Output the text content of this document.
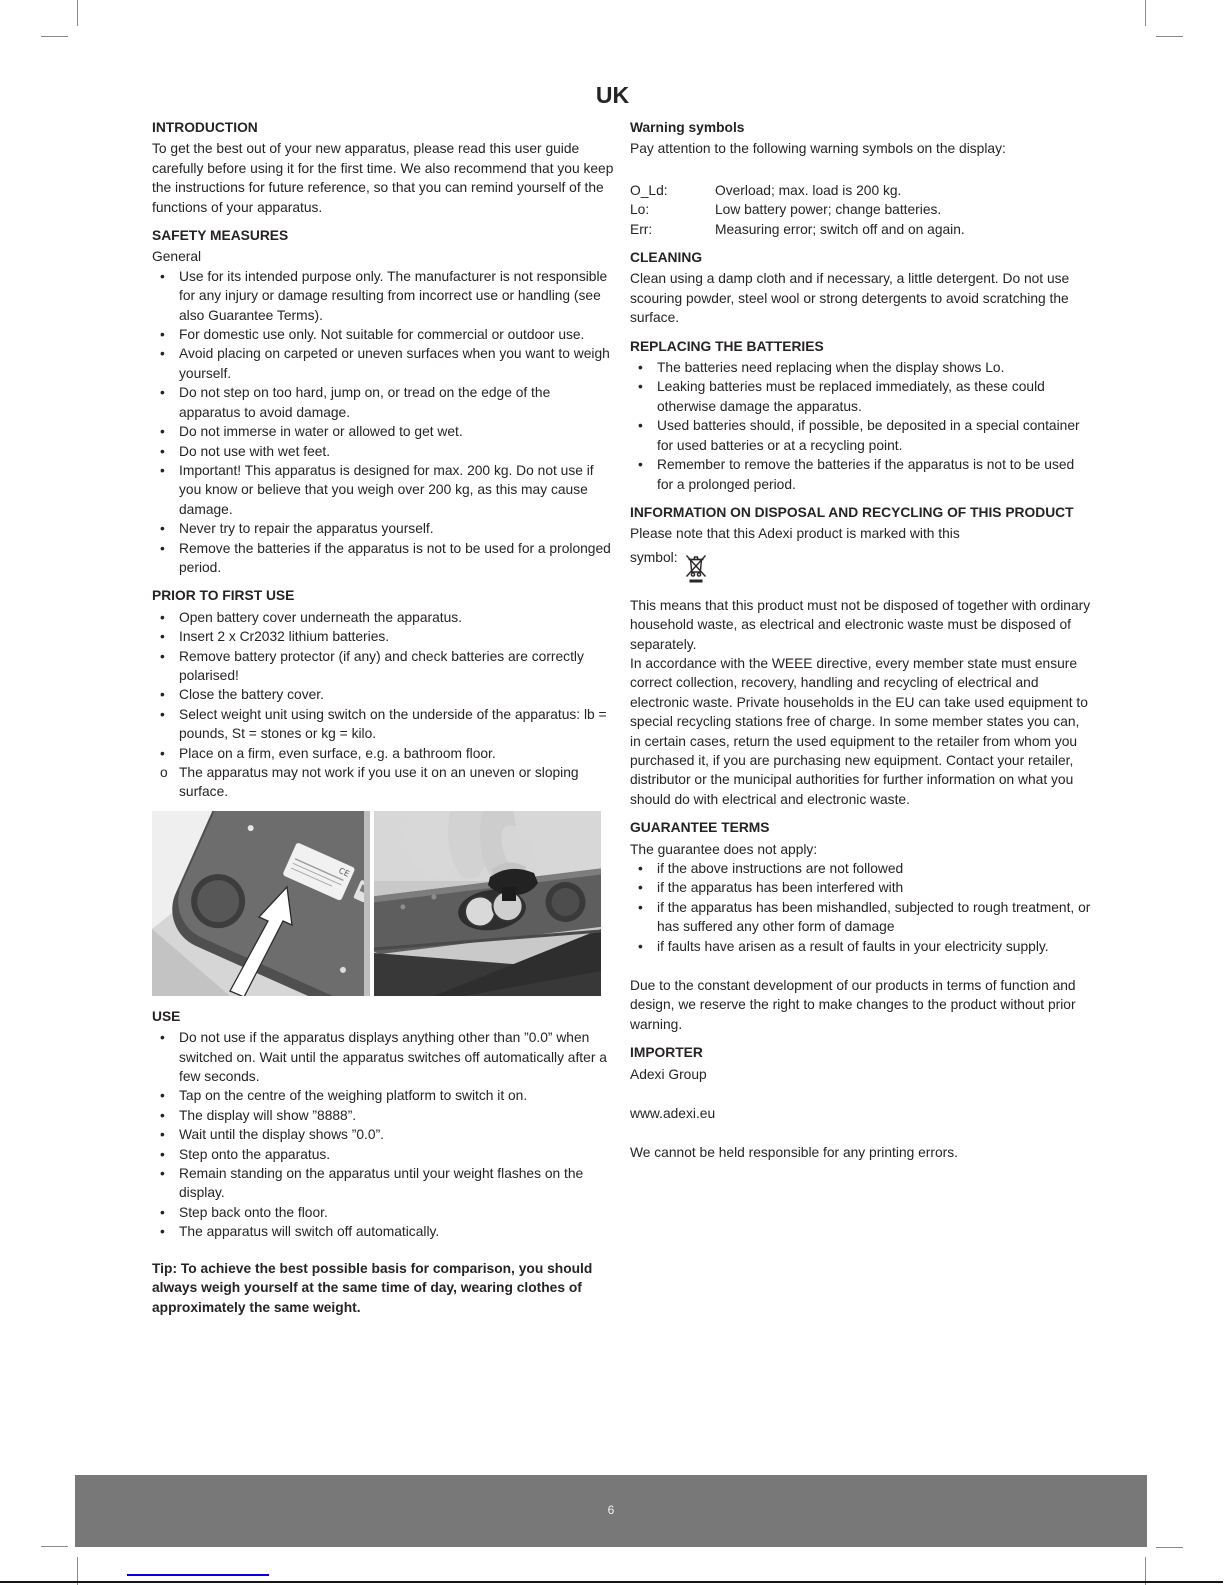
UK
INTRODUCTION

To get the best out of your new apparatus, please read this user guide carefully before using it for the first time. We also recommend that you keep the instructions for future reference, so that you can remind yourself of the functions of your apparatus.

SAFETY MEASURES

General

• Use for its intended purpose only. The manufacturer is not responsible for any injury or damage resulting from incorrect use or handling (see also Guarantee Terms).
• For domestic use only. Not suitable for commercial or outdoor use.
• Avoid placing on carpeted or uneven surfaces when you want to weigh yourself.
• Do not step on too hard, jump on, or tread on the edge of the apparatus to avoid damage.
• Do not immerse in water or allowed to get wet.
• Do not use with wet feet.
• Important! This apparatus is designed for max. 200 kg. Do not use if you know or believe that you weigh over 200 kg, as this may cause damage.
• Never try to repair the apparatus yourself.
• Remove the batteries if the apparatus is not to be used for a prolonged period.
PRIOR TO FIRST USE
• Open battery cover underneath the apparatus.
• Insert 2 x Cr2032 lithium batteries.
• Remove battery protector (if any) and check batteries are correctly polarised!
• Close the battery cover.
• Select weight unit using switch on the underside of the apparatus: lb = pounds, St = stones or kg = kilo.
• Place on a firm, even surface, e.g. a bathroom floor.
o The apparatus may not work if you use it on an uneven or sloping surface.
CE
USE
• Do not use if the apparatus displays anything other than ”0.0” when switched on. Wait until the apparatus switches off automatically after a few seconds.
• Tap on the centre of the weighing platform to switch it on.
• The display will show ”8888”.
• Wait until the display shows ”0.0”.
• Step onto the apparatus.
• Remain standing on the apparatus until your weight flashes on the display.
• Step back onto the floor.
• The apparatus will switch off automatically.

Tip: To achieve the best possible basis for comparison, you should always weigh yourself at the same time of day, wearing clothes of approximately the same weight.

Warning symbols

Pay attention to the following warning symbols on the display:

O_Ld:	Overload; max. load is 200 kg.
Lo:	Low battery power; change batteries.
Err:	Measuring error; switch off and on again.
CLEANING

Clean using a damp cloth and if necessary, a little detergent. Do not use scouring powder, steel wool or strong detergents to avoid scratching the surface.

REPLACING THE BATTERIES
• The batteries need replacing when the display shows Lo.
• Leaking batteries must be replaced immediately, as these could otherwise damage the apparatus.
• Used batteries should, if possible, be deposited in a special container for used batteries or at a recycling point.
• Remember to remove the batteries if the apparatus is not to be used for a prolonged period.
INFORMATION ON DISPOSAL AND RECYCLING OF THIS PRODUCT

Please note that this Adexi product is marked with this

symbol:

This means that this product must not be disposed of together with ordinary household waste, as electrical and electronic waste must be disposed of separately.

In accordance with the WEEE directive, every member state must ensure correct collection, recovery, handling and recycling of electrical and electronic waste. Private households in the EU can take used equipment to special recycling stations free of charge. In some member states you can, in certain cases, return the used equipment to the retailer from whom you purchased it, if you are purchasing new equipment. Contact your retailer, distributor or the municipal authorities for further information on what you should do with electrical and electronic waste.

GUARANTEE TERMS

The guarantee does not apply:

• if the above instructions are not followed
• if the apparatus has been interfered with
• if the apparatus has been mishandled, subjected to rough treatment, or has suffered any other form of damage
• if faults have arisen as a result of faults in your electricity supply.

Due to the constant development of our products in terms of function and design, we reserve the right to make changes to the product without prior warning.

IMPORTER

Adexi Group

www.adexi.eu

We cannot be held responsible for any printing errors.

6
